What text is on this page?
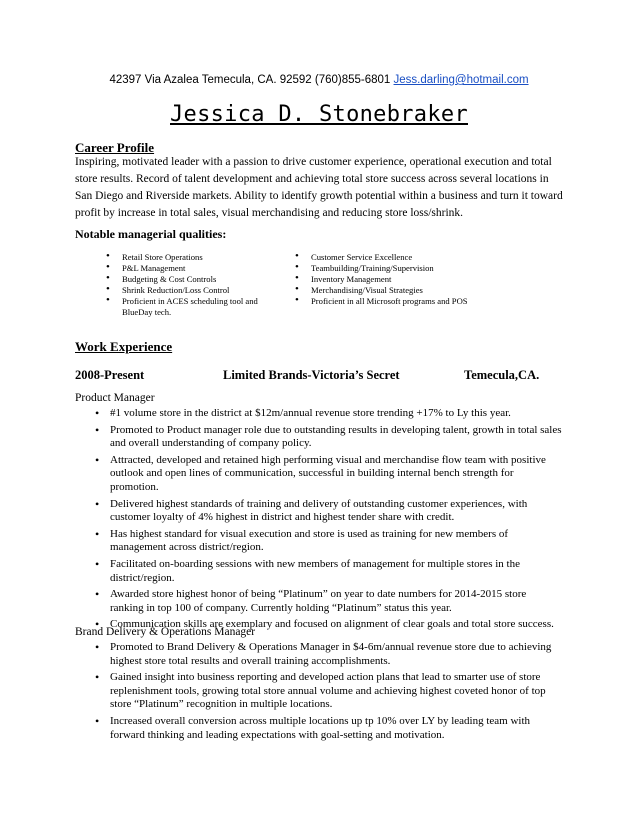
42397 Via Azalea Temecula, CA. 92592 (760)855-6801 Jess.darling@hotmail.com
Jessica D. Stonebraker
Career Profile
Inspiring, motivated leader with a passion to drive customer experience, operational execution and total store results. Record of talent development and achieving total store success across several locations in San Diego and Riverside markets. Ability to identify growth potential within a business and turn it toward profit by increase in total sales, visual merchandising and reducing store loss/shrink.
Notable managerial qualities:
• Retail Store Operations
• P&L Management
• Budgeting & Cost Controls
• Shrink Reduction/Loss Control
• Proficient in ACES scheduling tool and BlueDay tech.
• Customer Service Excellence
• Teambuilding/Training/Supervision
• Inventory Management
• Merchandising/Visual Strategies
• Proficient in all Microsoft programs and POS
Work Experience
2008-Present	Limited Brands-Victoria’s Secret	Temecula,CA.
Product Manager
• #1 volume store in the district at $12m/annual revenue store trending +17% to Ly this year.
• Promoted to Product manager role due to outstanding results in developing talent, growth in total sales and overall understanding of company policy.
• Attracted, developed and retained high performing visual and merchandise flow team with positive outlook and open lines of communication, successful in building internal bench strength for promotion.
• Delivered highest standards of training and delivery of outstanding customer experiences, with customer loyalty of 4% highest in district and highest tender share with credit.
• Has highest standard for visual execution and store is used as training for new members of management across district/region.
• Facilitated on-boarding sessions with new members of management for multiple stores in the district/region.
• Awarded store highest honor of being “Platinum” on year to date numbers for 2014-2015 store ranking in top 100 of company. Currently holding “Platinum” status this year.
• Communication skills are exemplary and focused on alignment of clear goals and total store success.
Brand Delivery & Operations Manager
• Promoted to Brand Delivery & Operations Manager in $4-6m/annual revenue store due to achieving highest store total results and overall training accomplishments.
• Gained insight into business reporting and developed action plans that lead to smarter use of store replenishment tools, growing total store annual volume and achieving highest coveted honor of top store “Platinum” recognition in multiple locations.
• Increased overall conversion across multiple locations up tp 10% over LY by leading team with forward thinking and leading expectations with goal-setting and motivation.
